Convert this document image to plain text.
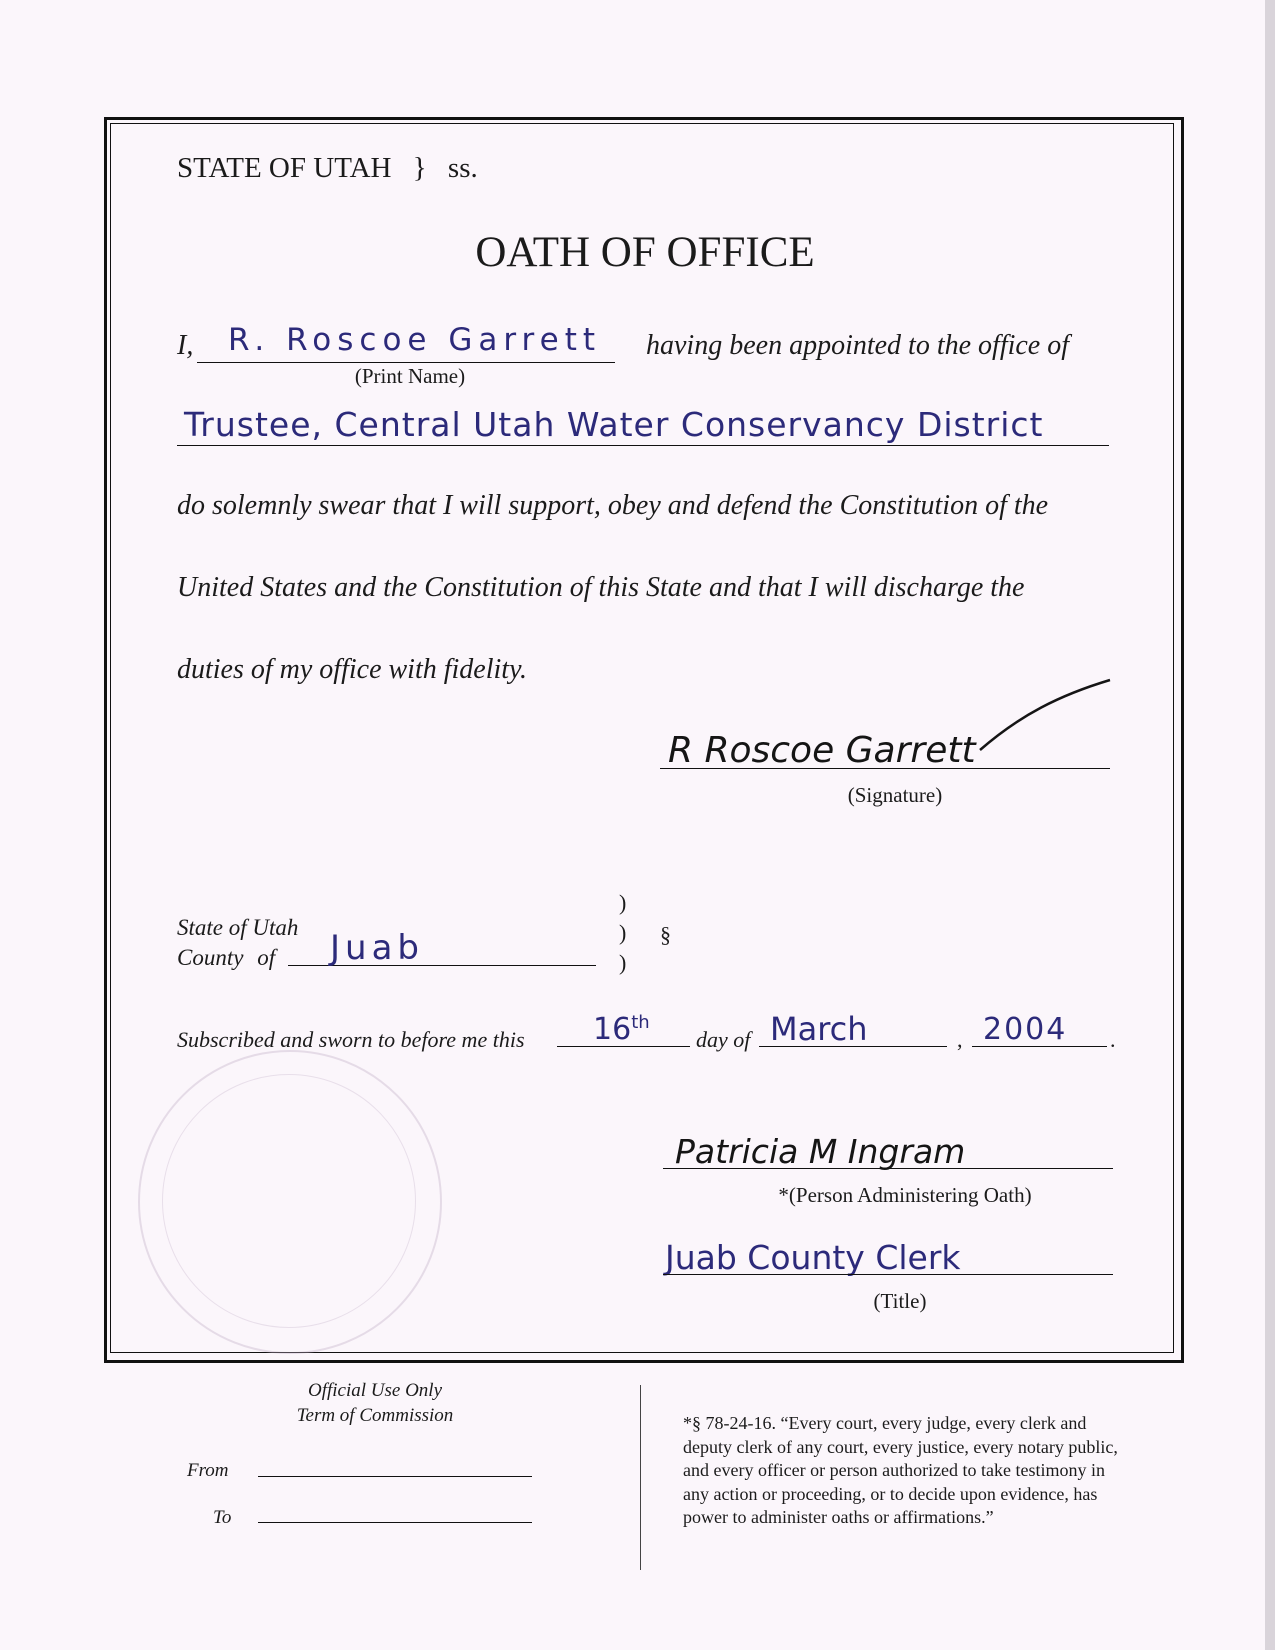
STATE OF UTAH } ss.
OATH OF OFFICE
I, R. Roscoe Garrett having been appointed to the office of
(Print Name)
Trustee, Central Utah Water Conservancy District
do solemnly swear that I will support, obey and defend the Constitution of the
United States and the Constitution of this State and that I will discharge the
duties of my office with fidelity.
R Roscoe Garrett
(Signature)
State of Utah
County of Juab
)
)
)
§
Subscribed and sworn to before me this 16th
day of March	, 2004 .
Patricia M Ingram
*(Person Administering Oath)
Juab County Clerk
(Title)
Official Use Only
Term of Commission
From
To
*§ 78-24-16. “Every court, every judge, every clerk and
deputy clerk of any court, every justice, every notary public,
and every officer or person authorized to take testimony in
any action or proceeding, or to decide upon evidence, has
power to administer oaths or affirmations.”
